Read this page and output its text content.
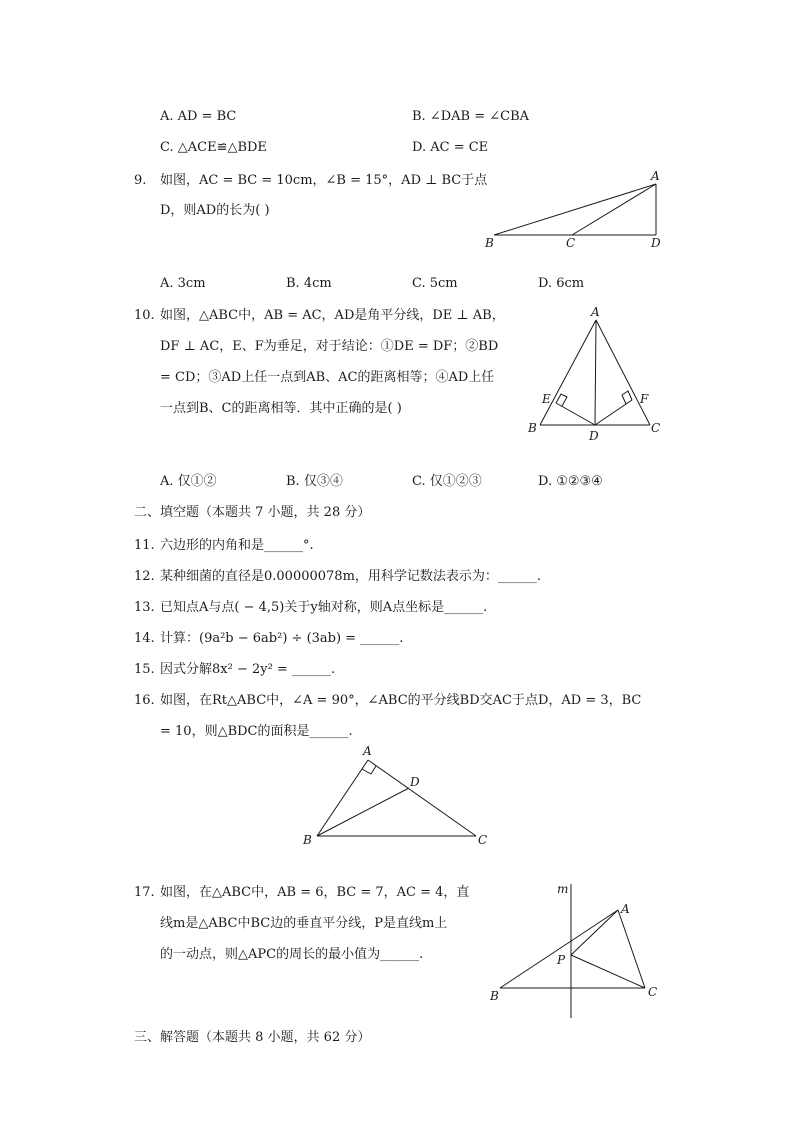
A. AD = BC	B. ∠DAB = ∠CBA
C. △ACE≌△BDE	D. AC = CE
9. 如图，AC = BC = 10cm，∠B = 15°，AD ⊥ BC于点
D，则AD的长为( )
A
B	C	D
A. 3cm	B. 4cm	C. 5cm	D. 6cm
10. 如图，△ABC中，AB = AC，AD是角平分线，DE ⊥ AB，
DF ⊥ AC，E、F为垂足，对于结论：①DE = DF；②BD
= CD；③AD上任一点到AB、AC的距离相等；④AD上任
一点到B、C的距离相等．其中正确的是( )
A
B	C
D
E	F
A. 仅①②	B. 仅③④	C. 仅①②③	D. ①②③④
二、填空题（本题共 7 小题，共 28 分）
11. 六边形的内角和是______°.
12. 某种细菌的直径是0.00000078m，用科学记数法表示为：______.
13. 已知点A与点( − 4,5)关于y轴对称，则A点坐标是______.
14. 计算：(9a²b − 6ab²) ÷ (3ab) = ______.
15. 因式分解8x² − 2y² = ______.
16. 如图，在Rt△ABC中，∠A = 90°，∠ABC的平分线BD交AC于点D，AD = 3，BC
= 10，则△BDC的面积是______.
A
B	C
D
17. 如图，在△ABC中，AB = 6，BC = 7，AC = 4，直
线m是△ABC中BC边的垂直平分线，P是直线m上
的一动点，则△APC的周长的最小值为______.
m
A
P
B	C
三、解答题（本题共 8 小题，共 62 分）
